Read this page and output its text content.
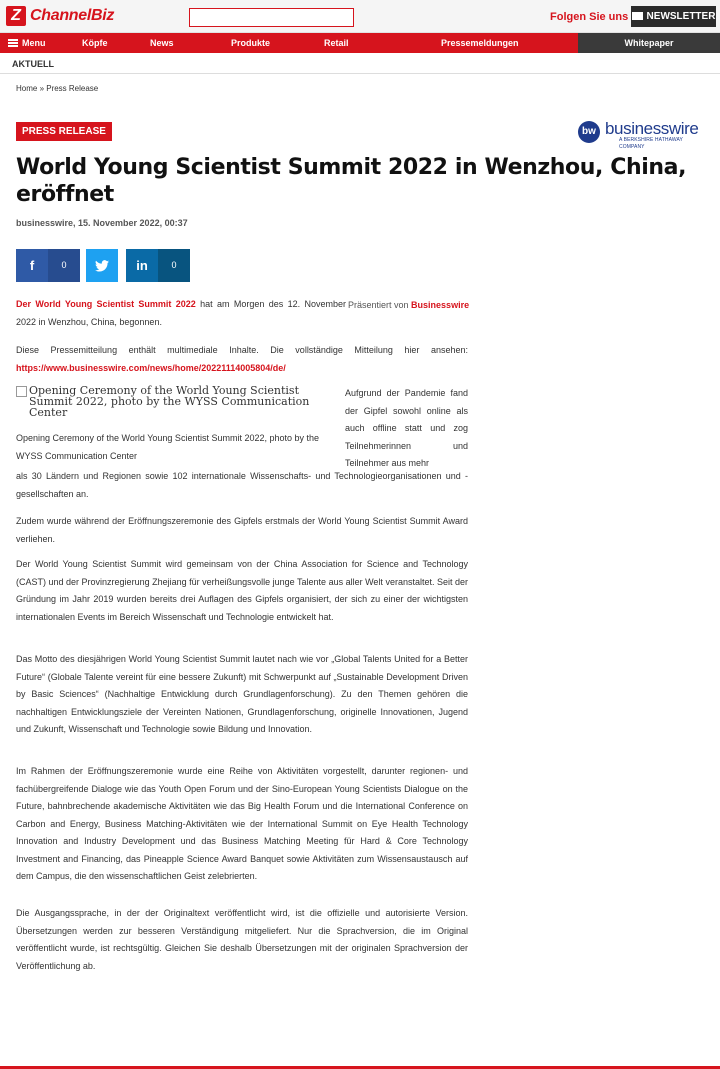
Z ChannelBiz	Folgen Sie uns	NEWSLETTER
Menu	Köpfe	News	Produkte	Retail	Pressemeldungen	Whitepaper
AKTUELL
Home » Press Release
PRESS RELEASE	bw businesswire
A BERKSHIRE HATHAWAY COMPANY
World Young Scientist Summit 2022 in Wenzhou, China, eröffnet
businesswire, 15. November 2022, 00:37
f	0	in	0
Präsentiert von Businesswire
Der World Young Scientist Summit 2022 hat am Morgen des 12. November 2022 in Wenzhou, China, begonnen.
Diese Pressemitteilung enthält multimediale Inhalte. Die vollständige Mitteilung hier ansehen: https://www.businesswire.com/news/home/20221114005804/de/
Opening Ceremony of the World Young Scientist Summit 2022, photo by the WYSS Communication Center
Opening Ceremony of the World Young Scientist Summit 2022, photo by the WYSS Communication Center
Aufgrund der Pandemie fand der Gipfel sowohl online als auch offline statt und zog Teilnehmerinnen und Teilnehmer aus mehr
als 30 Ländern und Regionen sowie 102 internationale Wissenschafts- und Technologieorganisationen und -gesellschaften an.
Zudem wurde während der Eröffnungszeremonie des Gipfels erstmals der World Young Scientist Summit Award verliehen.
Der World Young Scientist Summit wird gemeinsam von der China Association for Science and Technology (CAST) und der Provinzregierung Zhejiang für verheißungsvolle junge Talente aus aller Welt veranstaltet. Seit der Gründung im Jahr 2019 wurden bereits drei Auflagen des Gipfels organisiert, der sich zu einer der wichtigsten internationalen Events im Bereich Wissenschaft und Technologie entwickelt hat.
Das Motto des diesjährigen World Young Scientist Summit lautet nach wie vor „Global Talents United for a Better Future“ (Globale Talente vereint für eine bessere Zukunft) mit Schwerpunkt auf „Sustainable Development Driven by Basic Sciences“ (Nachhaltige Entwicklung durch Grundlagenforschung). Zu den Themen gehören die nachhaltigen Entwicklungsziele der Vereinten Nationen, Grundlagenforschung, originelle Innovationen, Jugend und Zukunft, Wissenschaft und Technologie sowie Bildung und Innovation.
Im Rahmen der Eröffnungszeremonie wurde eine Reihe von Aktivitäten vorgestellt, darunter regionen- und fachübergreifende Dialoge wie das Youth Open Forum und der Sino-European Young Scientists Dialogue on the Future, bahnbrechende akademische Aktivitäten wie das Big Health Forum und die International Conference on Carbon and Energy, Business Matching-Aktivitäten wie der International Summit on Eye Health Technology Innovation and Industry Development und das Business Matching Meeting für Hard & Core Technology Investment and Financing, das Pineapple Science Award Banquet sowie Aktivitäten zum Wissensaustausch auf dem Campus, die den wissenschaftlichen Geist zelebrierten.
Die Ausgangssprache, in der der Originaltext veröffentlicht wird, ist die offizielle und autorisierte Version. Übersetzungen werden zur besseren Verständigung mitgeliefert. Nur die Sprachversion, die im Original veröffentlicht wurde, ist rechtsgültig. Gleichen Sie deshalb Übersetzungen mit der originalen Sprachversion der Veröffentlichung ab.
